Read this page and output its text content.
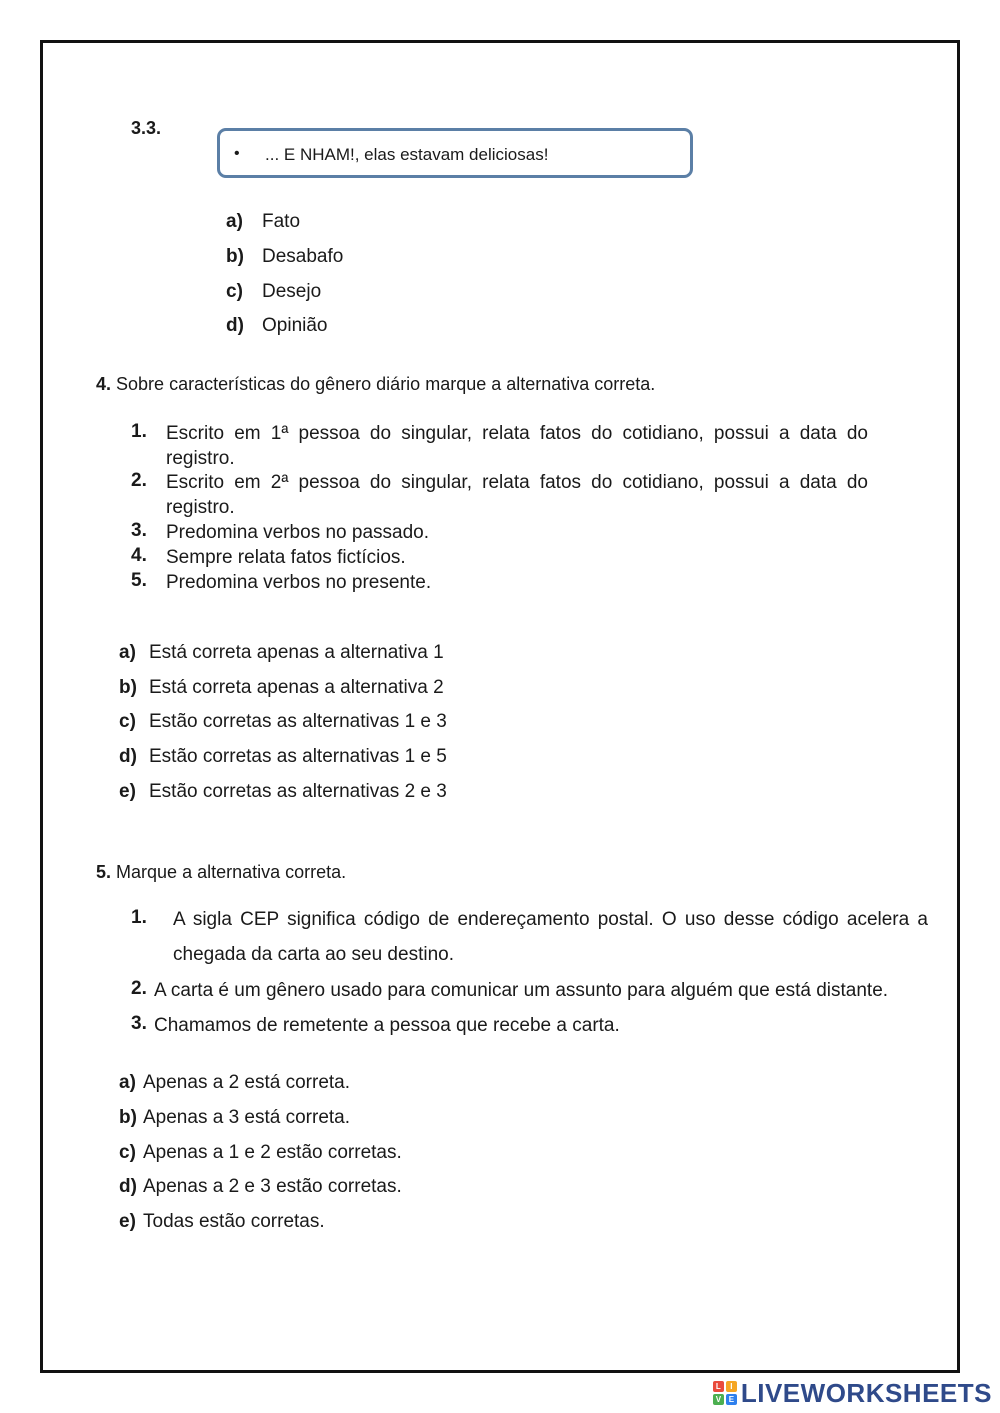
3.3.
• ... E NHAM!, elas estavam deliciosas!
a) Fato
b) Desabafo
c) Desejo
d) Opinião
4. Sobre características do gênero diário marque a alternativa correta.
1. Escrito em 1ª pessoa do singular, relata fatos do cotidiano, possui a data do registro.
2. Escrito em 2ª pessoa do singular, relata fatos do cotidiano, possui a data do registro.
3. Predomina verbos no passado.
4. Sempre relata fatos fictícios.
5. Predomina verbos no presente.
a) Está correta apenas a alternativa 1
b) Está correta apenas a alternativa 2
c) Estão corretas as alternativas 1 e 3
d) Estão corretas as alternativas 1 e 5
e) Estão corretas as alternativas 2 e 3
5. Marque a alternativa correta.
1. A sigla CEP significa código de endereçamento postal. O uso desse código acelera a chegada da carta ao seu destino.
2. A carta é um gênero usado para comunicar um assunto para alguém que está distante.
3. Chamamos de remetente a pessoa que recebe a carta.
a) Apenas a 2 está correta.
b) Apenas a 3 está correta.
c) Apenas a 1 e 2 estão corretas.
d) Apenas a 2 e 3 estão corretas.
e) Todas estão corretas.
L	I
V E LIVEWORKSHEETS
